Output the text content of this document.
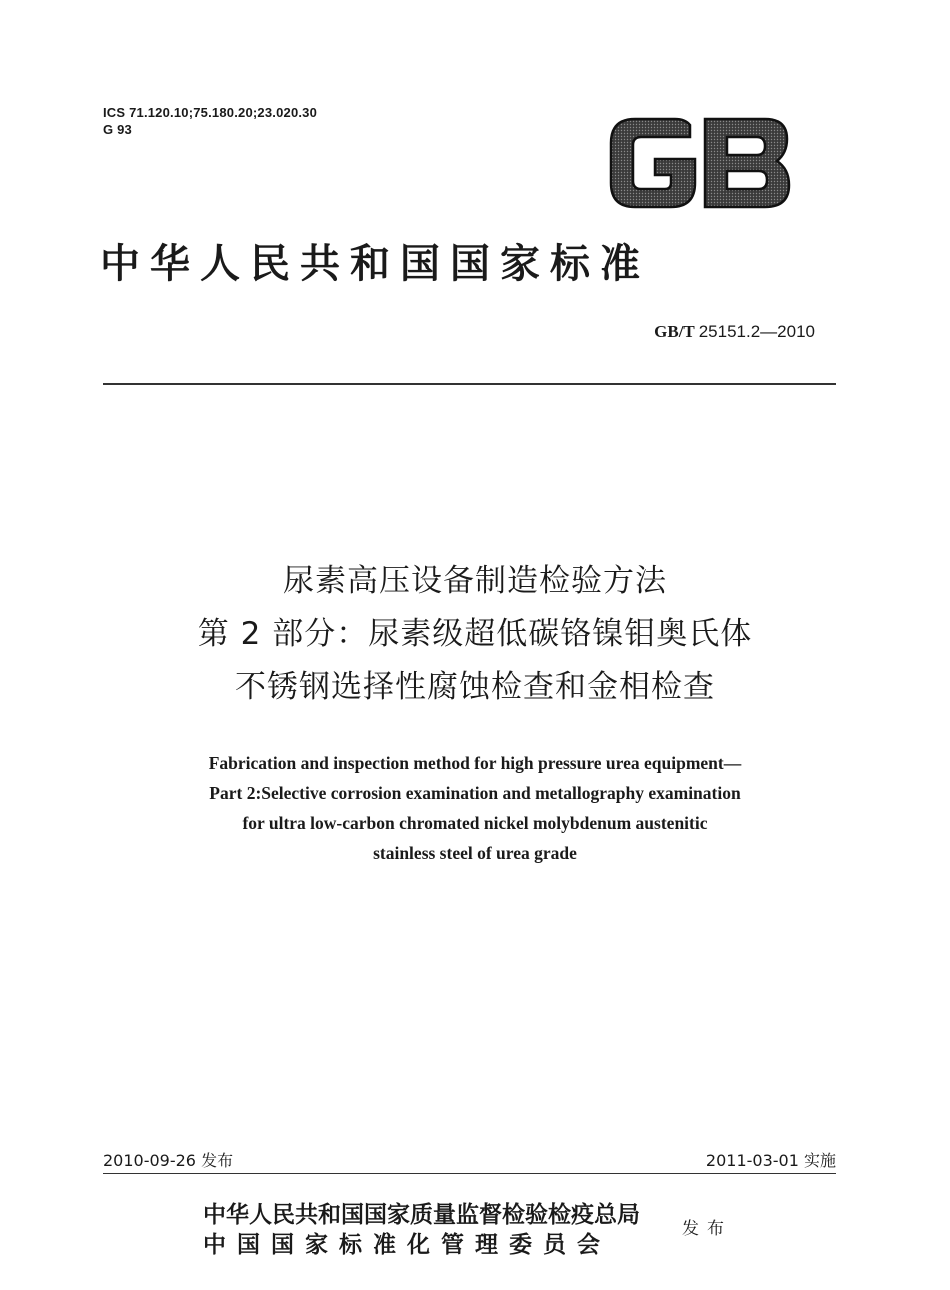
ICS 71.120.10;75.180.20;23.020.30
G 93
中华人民共和国国家标准
GB/T 25151.2—2010
尿素高压设备制造检验方法
第 2 部分：尿素级超低碳铬镍钼奥氏体
不锈钢选择性腐蚀检查和金相检查
Fabrication and inspection method for high pressure urea equipment—
Part 2:Selective corrosion examination and metallography examination
for ultra low-carbon chromated nickel molybdenum austenitic
stainless steel of urea grade
2010-09-26 发布	2011-03-01 实施
中华人民共和国国家质量监督检验检疫总局
中国国家标准化管理委员会
发布
